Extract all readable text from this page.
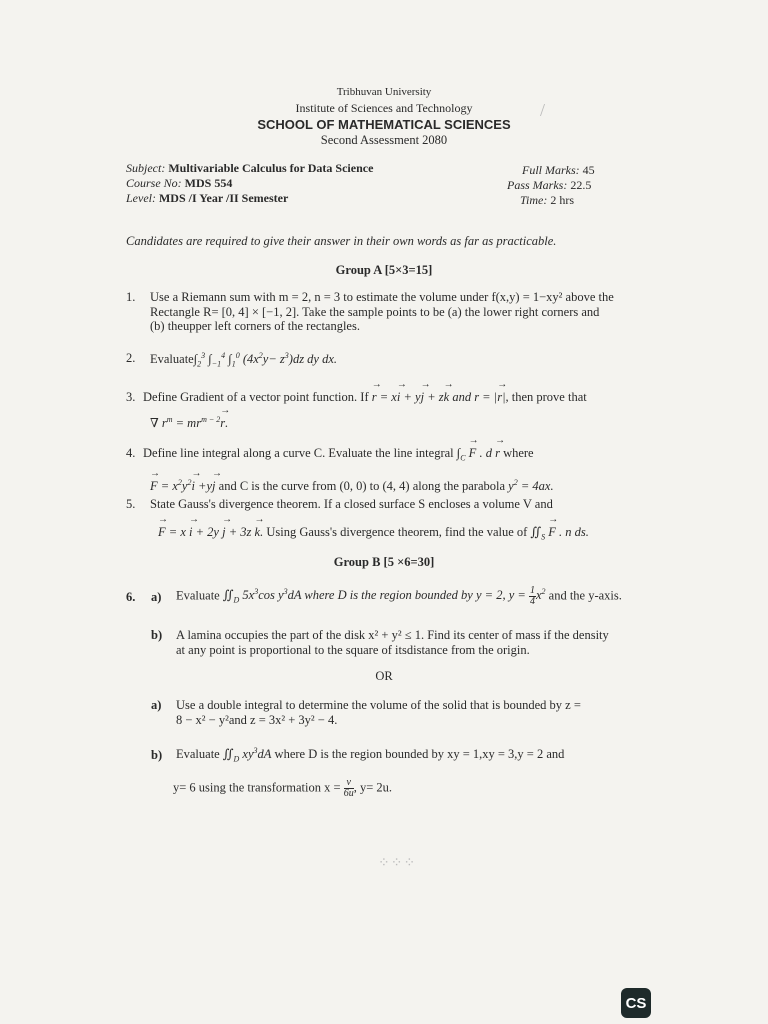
Tribhuvan University
Institute of Sciences and Technology
SCHOOL OF MATHEMATICAL SCIENCES
Second Assessment 2080
Subject: Multivariable Calculus for Data Science
Course No: MDS 554
Level: MDS /I Year /II Semester
Full Marks: 45
Pass Marks: 22.5
Time: 2 hrs
Candidates are required to give their answer in their own words as far as practicable.
Group A [5×3=15]
1. Use a Riemann sum with m = 2, n = 3 to estimate the volume under f(x,y) = 1−xy² above the
Rectangle R= [0, 4] × [−1, 2]. Take the sample points to be (a) the lower right corners and
(b) theupper left corners of the rectangles.
2. $Evaluate\int_2^3$ $\int_{-1}^4$ $\int_1^0$ $(4x^2y- z^3)dz$ dy dx.
3. Define Gradient of a vector point function. If → r = x→ i + y→ j + z→ k and r = |→ r|, then prove that
∇ $r^m = mr^{m - 2}\to r$.
4. Define line integral along a curve C. Evaluate the line integral $\int_C \to F$ . d → r where
→ $F = x^2y^2\to i +y\to j$ and C is the curve from (0, 0) to (4, 4) along the parabola $y^2 = 4ax$.
5. State Gauss's divergence theorem. If a closed surface S encloses a volume V and
→ F = x → i + 2y → j + 3z → k. Using Gauss's divergence theorem, find the value of $∬_S \to F$ . n ds.
Group B [5 ×6=30]
6. a) Evaluate $∬_D$ $5x^3\cos$ $y^3dA$ where D is the region bounded by y = 2, $y = \frac{1}{4} x^2$ and the y-axis.
b) A lamina occupies the part of the disk x² + y² ≤ 1. Find its center of mass if the density
at any point is proportional to the square of itsdistance from the origin.
OR
a) Use a double integral to determine the volume of the solid that is bounded by z =
8 − x² − y²and z = 3x² + 3y² − 4.
b) Evaluate $∬_D$ $xy^3dA$ where D is the region bounded by xy = 1,xy = 3,y = 2 and
y= 6 using the transformation $x = \frac{v}{6u}$ , y= 2u.
/
⁘⁘⁘
CS
